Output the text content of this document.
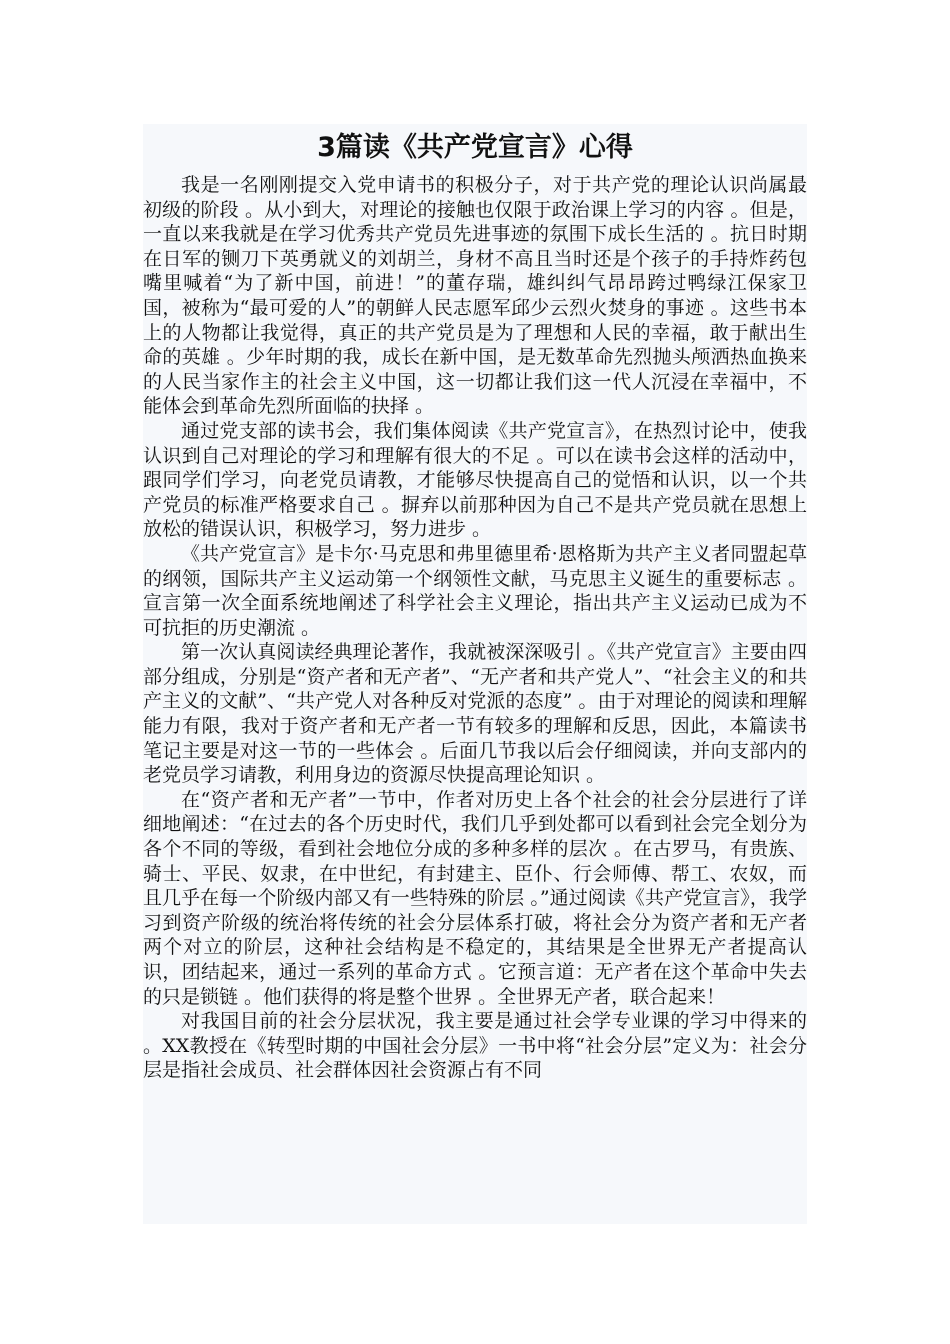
3篇读《共产党宣言》心得

我是一名刚刚提交入党申请书的积极分子，对于共产党的理论认识尚属最初级的阶段 。从小到大，对理论的接触也仅限于政治课上学习的内容 。但是，一直以来我就是在学习优秀共产党员先进事迹的氛围下成长生活的 。抗日时期在日军的铡刀下英勇就义的刘胡兰，身材不高且当时还是个孩子的手持炸药包嘴里喊着“为了新中国，前进！”的董存瑞，雄纠纠气昂昂跨过鸭绿江保家卫国，被称为“最可爱的人”的朝鲜人民志愿军邱少云烈火焚身的事迹 。这些书本上的人物都让我觉得，真正的共产党员是为了理想和人民的幸福，敢于献出生命的英雄 。少年时期的我，成长在新中国，是无数革命先烈抛头颅洒热血换来的人民当家作主的社会主义中国，这一切都让我们这一代人沉浸在幸福中，不能体会到革命先烈所面临的抉择 。

通过党支部的读书会，我们集体阅读《共产党宣言》，在热烈讨论中，使我认识到自己对理论的学习和理解有很大的不足 。可以在读书会这样的活动中，跟同学们学习，向老党员请教，才能够尽快提高自己的觉悟和认识，以一个共产党员的标准严格要求自己 。摒弃以前那种因为自己不是共产党员就在思想上放松的错误认识，积极学习，努力进步 。

《共产党宣言》是卡尔·马克思和弗里德里希·恩格斯为共产主义者同盟起草的纲领，国际共产主义运动第一个纲领性文献，马克思主义诞生的重要标志 。宣言第一次全面系统地阐述了科学社会主义理论，指出共产主义运动已成为不可抗拒的历史潮流 。

第一次认真阅读经典理论著作，我就被深深吸引 。《共产党宣言》主要由四部分组成，分别是“资产者和无产者”、“无产者和共产党人”、“社会主义的和共产主义的文献”、“共产党人对各种反对党派的态度” 。由于对理论的阅读和理解能力有限，我对于资产者和无产者一节有较多的理解和反思，因此，本篇读书笔记主要是对这一节的一些体会 。后面几节我以后会仔细阅读，并向支部内的老党员学习请教，利用身边的资源尽快提高理论知识 。

在“资产者和无产者”一节中，作者对历史上各个社会的社会分层进行了详细地阐述：“在过去的各个历史时代，我们几乎到处都可以看到社会完全划分为各个不同的等级，看到社会地位分成的多种多样的层次 。在古罗马，有贵族、骑士、平民、奴隶，在中世纪，有封建主、臣仆、行会师傅、帮工、农奴，而且几乎在每一个阶级内部又有一些特殊的阶层 。”通过阅读《共产党宣言》，我学习到资产阶级的统治将传统的社会分层体系打破，将社会分为资产者和无产者两个对立的阶层，这种社会结构是不稳定的，其结果是全世界无产者提高认识，团结起来，通过一系列的革命方式 。它预言道：无产者在这个革命中失去的只是锁链 。他们获得的将是整个世界 。全世界无产者，联合起来！

对我国目前的社会分层状况，我主要是通过社会学专业课的学习中得来的 。XX教授在《转型时期的中国社会分层》一书中将“社会分层”定义为：社会分层是指社会成员、社会群体因社会资源占有不同
